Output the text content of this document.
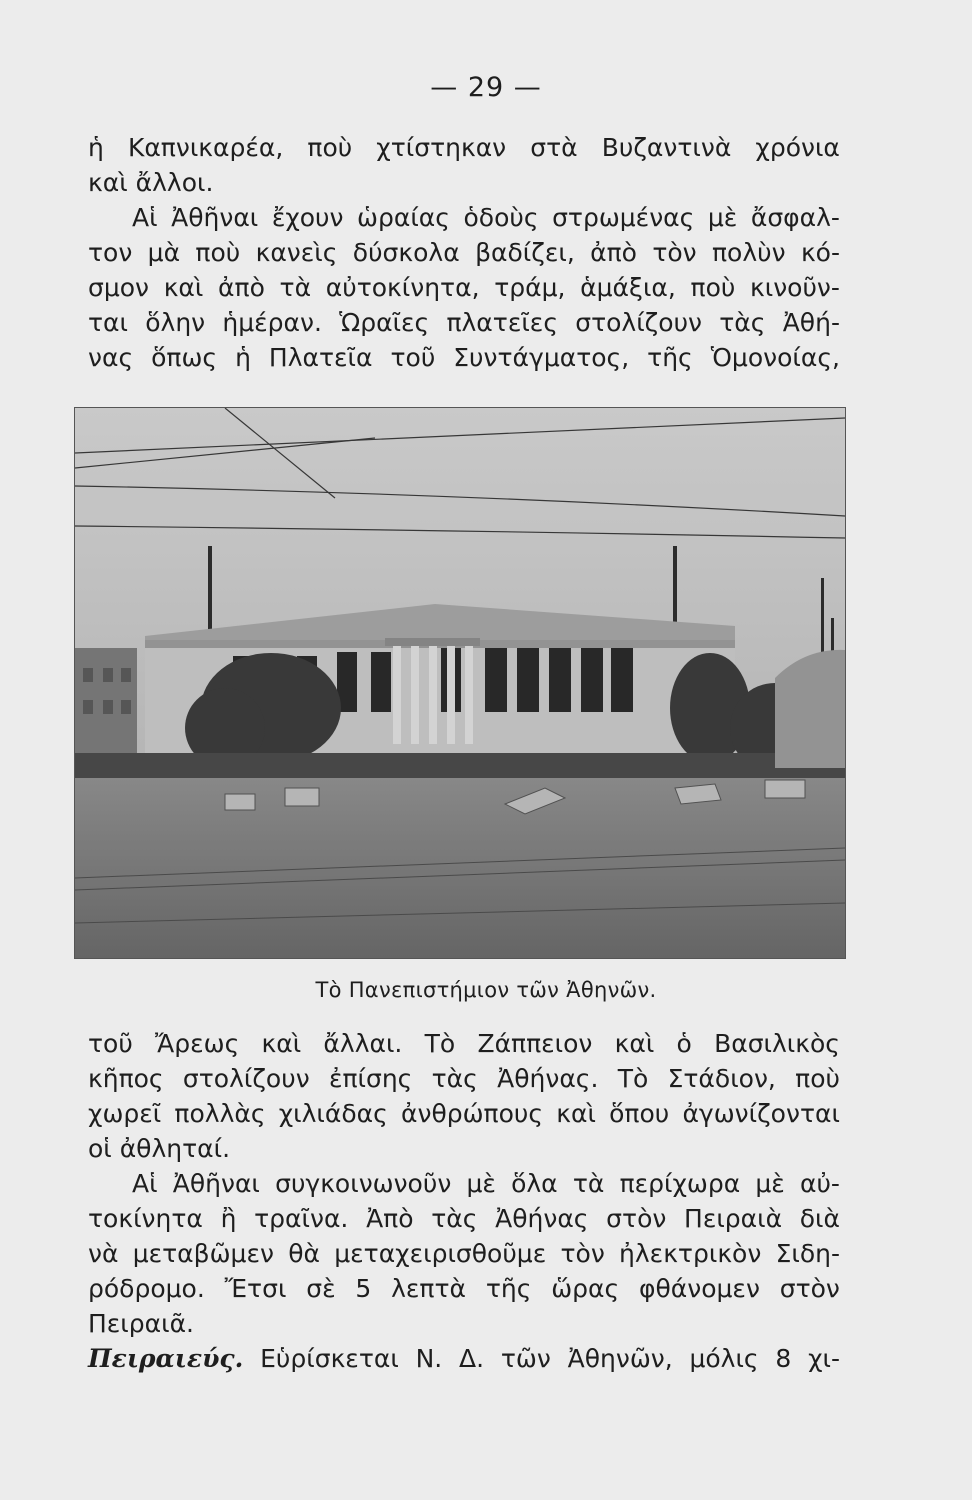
— 29 —
ἡ Καπνικαρέα, ποὺ χτίστηκαν στὰ Βυζαντινὰ χρόνια
καὶ ἄλλοι.
Αἱ Ἀθῆναι ἔχουν ὡραίας ὁδοὺς στρωμένας μὲ ἄσφαλ-
τον μὰ ποὺ κανεὶς δύσκολα βαδίζει, ἀπὸ τὸν πολὺν κό-
σμον καὶ ἀπὸ τὰ αὐτοκίνητα, τράμ, ἁμάξια, ποὺ κινοῦν-
ται ὅλην ἡμέραν. Ὡραῖες πλατεῖες στολίζουν τὰς Ἀθή-
νας ὅπως ἡ Πλατεῖα τοῦ Συντάγματος, τῆς Ὁμονοίας,
Τὸ Πανεπιστήμιον τῶν Ἀθηνῶν.
τοῦ Ἄρεως καὶ ἄλλαι. Τὸ Ζάππειον καὶ ὁ Βασιλικὸς
κῆπος στολίζουν ἐπίσης τὰς Ἀθήνας. Τὸ Στάδιον, ποὺ
χωρεῖ πολλὰς χιλιάδας ἀνθρώπους καὶ ὅπου ἀγωνίζονται
οἱ ἀθληταί.
Αἱ Ἀθῆναι συγκοινωνοῦν μὲ ὅλα τὰ περίχωρα μὲ αὐ-
τοκίνητα ἢ τραῖνα. Ἀπὸ τὰς Ἀθήνας στὸν Πειραιὰ διὰ
νὰ μεταβῶμεν θὰ μεταχειρισθοῦμε τὸν ἠλεκτρικὸν Σιδη-
ρόδρομο. Ἔτσι σὲ 5 λεπτὰ τῆς ὥρας φθάνομεν στὸν
Πειραιᾶ.
Πειραιεύς. Εὑρίσκεται Ν. Δ. τῶν Ἀθηνῶν, μόλις 8 χι-
